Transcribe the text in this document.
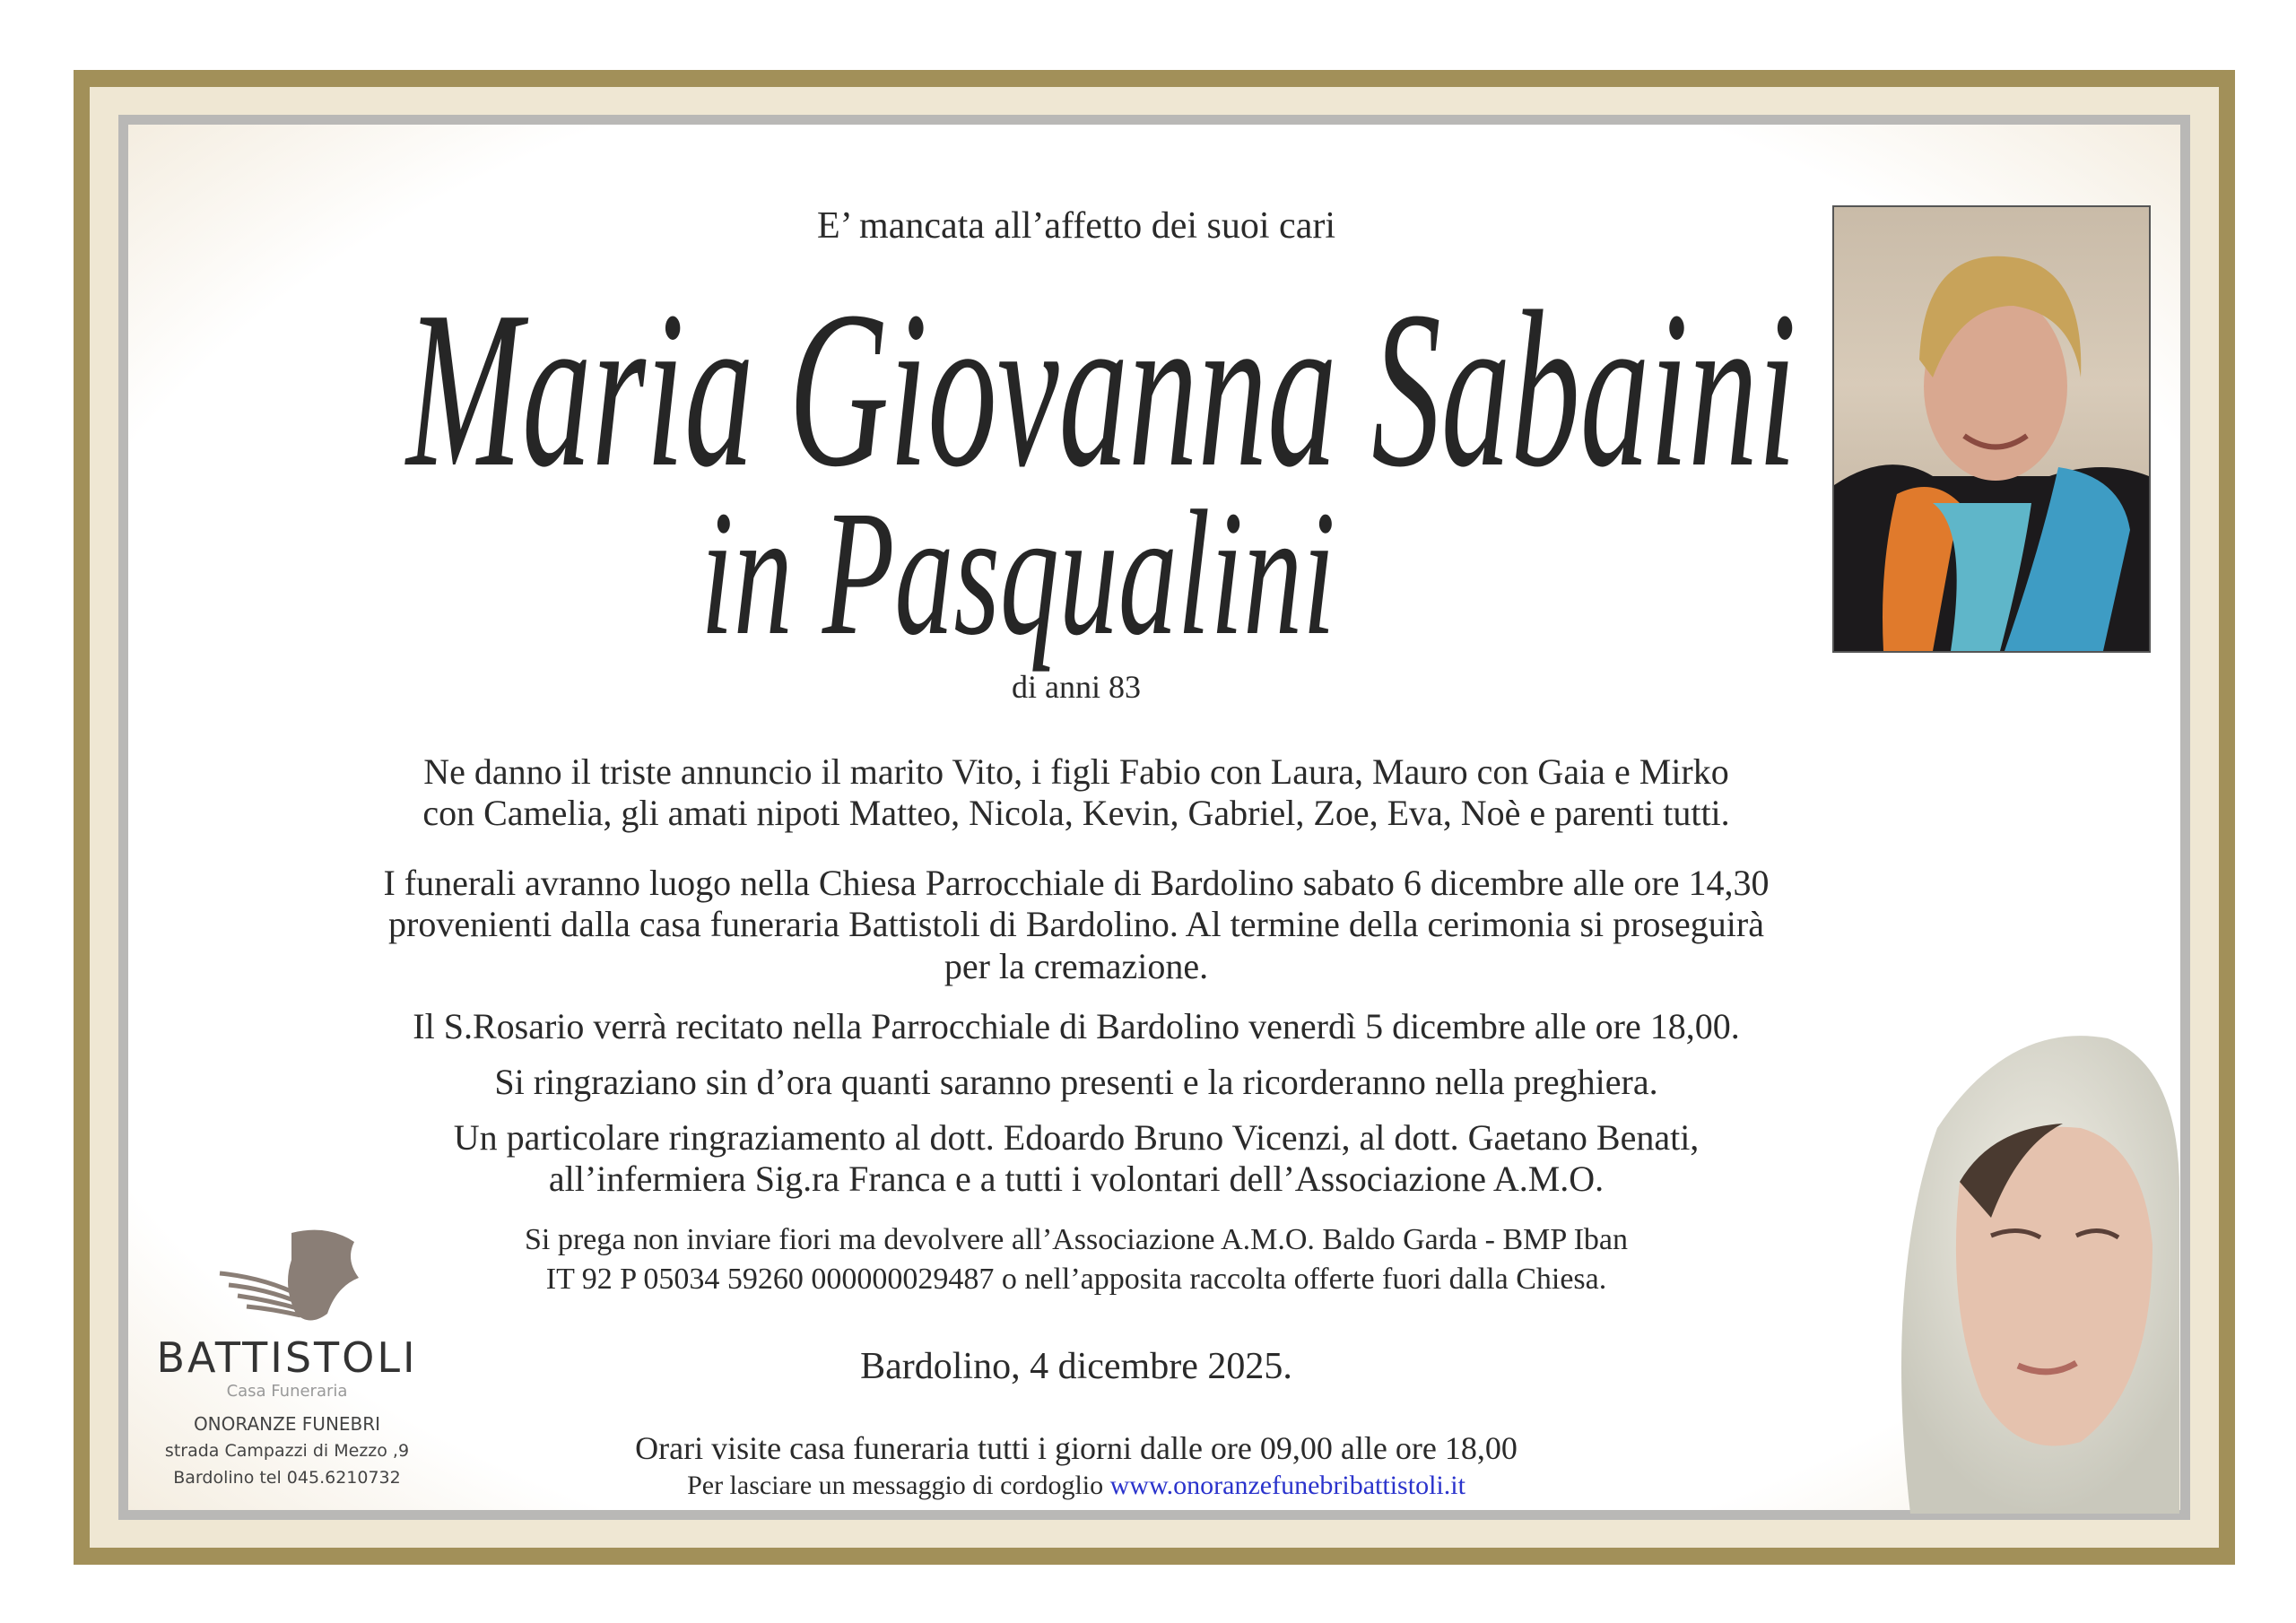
E’ mancata all’affetto dei suoi cari
Maria Giovanna Sabaini
in Pasqualini
di anni 83
Ne danno il triste annuncio il marito Vito, i figli Fabio con Laura, Mauro con Gaia e Mirko
con Camelia, gli amati nipoti Matteo, Nicola, Kevin, Gabriel, Zoe, Eva, Noè e parenti tutti.
I funerali avranno luogo nella Chiesa Parrocchiale di Bardolino sabato 6 dicembre alle ore 14,30
provenienti dalla casa funeraria Battistoli di Bardolino. Al termine della cerimonia si proseguirà
per la cremazione.
Il S.Rosario verrà recitato nella Parrocchiale di Bardolino venerdì 5 dicembre alle ore 18,00.
Si ringraziano sin d’ora quanti saranno presenti e la ricorderanno nella preghiera.
Un particolare ringraziamento al dott. Edoardo Bruno Vicenzi, al dott. Gaetano Benati,
all’infermiera Sig.ra Franca e a tutti i volontari dell’Associazione A.M.O.
Si prega non inviare fiori ma devolvere all’Associazione A.M.O. Baldo Garda - BMP Iban
IT 92 P 05034 59260 000000029487 o nell’apposita raccolta offerte fuori dalla Chiesa.
Bardolino, 4 dicembre 2025.
Orari visite casa funeraria tutti i giorni dalle ore 09,00 alle ore 18,00
Per lasciare un messaggio di cordoglio www.onoranzefunebribattistoli.it
BATTISTOLI
Casa Funeraria
ONORANZE FUNEBRI
strada Campazzi di Mezzo ,9
Bardolino tel 045.6210732
